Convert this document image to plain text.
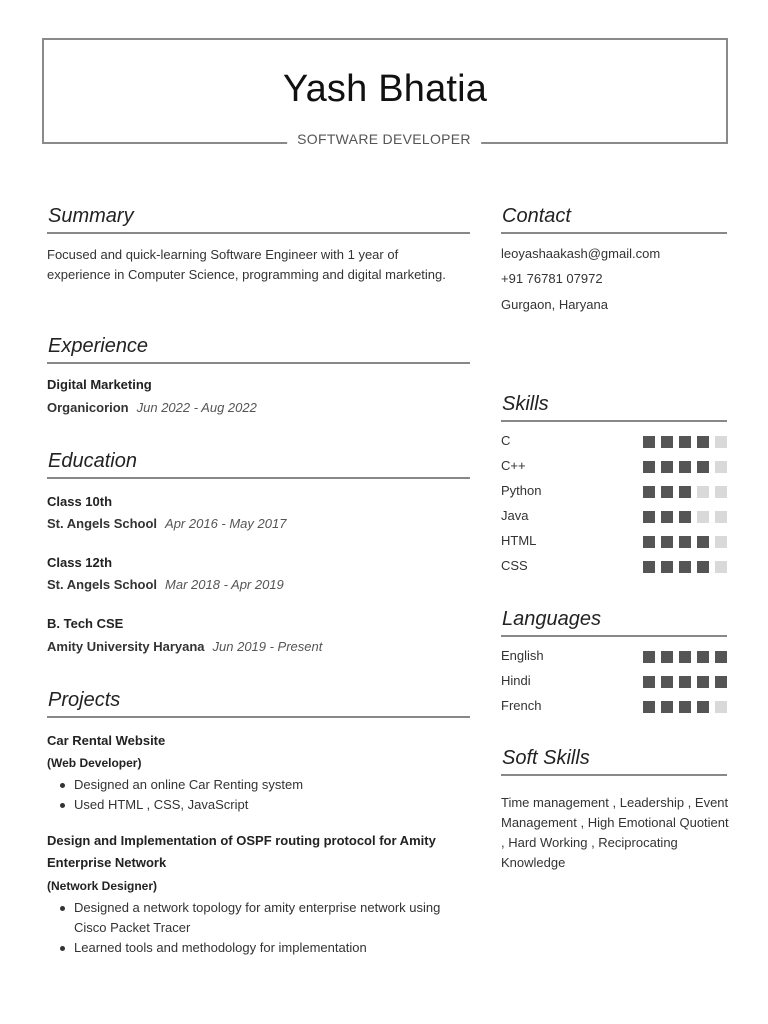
Yash Bhatia
SOFTWARE DEVELOPER
Summary
Focused and quick-learning Software Engineer with 1 year of experience in Computer Science, programming and digital marketing.
Experience
Digital Marketing
Organicorion Jun 2022 - Aug 2022
Education
Class 10th
St. Angels School Apr 2016 - May 2017
Class 12th
St. Angels School Mar 2018 - Apr 2019
B. Tech CSE
Amity University Haryana Jun 2019 - Present
Projects
Car Rental Website
(Web Developer)
Designed an online Car Renting system
Used HTML , CSS, JavaScript
Design and Implementation of OSPF routing protocol for Amity Enterprise Network
(Network Designer)
Designed a network topology for amity enterprise network using Cisco Packet Tracer
Learned tools and methodology for implementation
Contact
leoyashaakash@gmail.com
+91 76781 07972
Gurgaon, Haryana
Skills
C
C++
Python
Java
HTML
CSS
Languages
English
Hindi
French
Soft Skills
Time management , Leadership , Event Management , High Emotional Quotient , Hard Working , Reciprocating Knowledge
